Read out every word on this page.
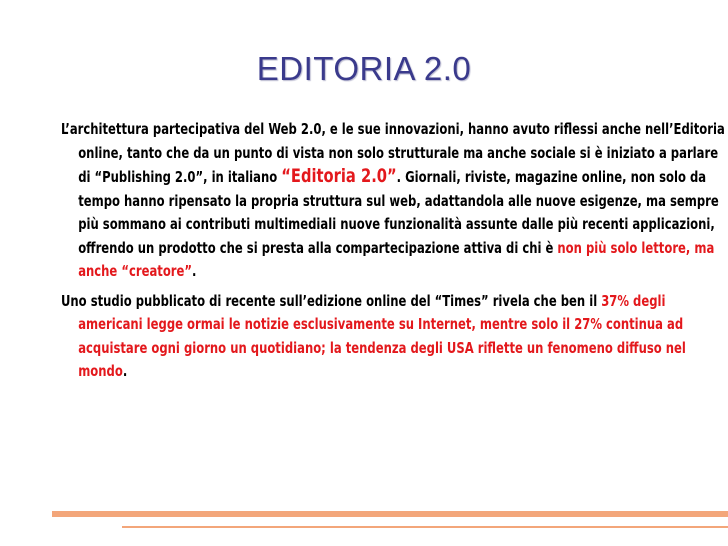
EDITORIA 2.0

L’architettura partecipativa del Web 2.0, e le sue innovazioni, hanno avuto riflessi anche nell’Editoria online, tanto che da un punto di vista non solo strutturale ma anche sociale si è iniziato a parlare di “Publishing 2.0”, in italiano “Editoria 2.0”. Giornali, riviste, magazine online, non solo da tempo hanno ripensato la propria struttura sul web, adattandola alle nuove esigenze, ma sempre più sommano ai contributi multimediali nuove funzionalità assunte dalle più recenti applicazioni, offrendo un prodotto che si presta alla compartecipazione attiva di chi è non più solo lettore, ma anche “creatore”.

Uno studio pubblicato di recente sull’edizione online del “Times” rivela che ben il 37% degli americani legge ormai le notizie esclusivamente su Internet, mentre solo il 27% continua ad acquistare ogni giorno un quotidiano; la tendenza degli USA riflette un fenomeno diffuso nel mondo.
